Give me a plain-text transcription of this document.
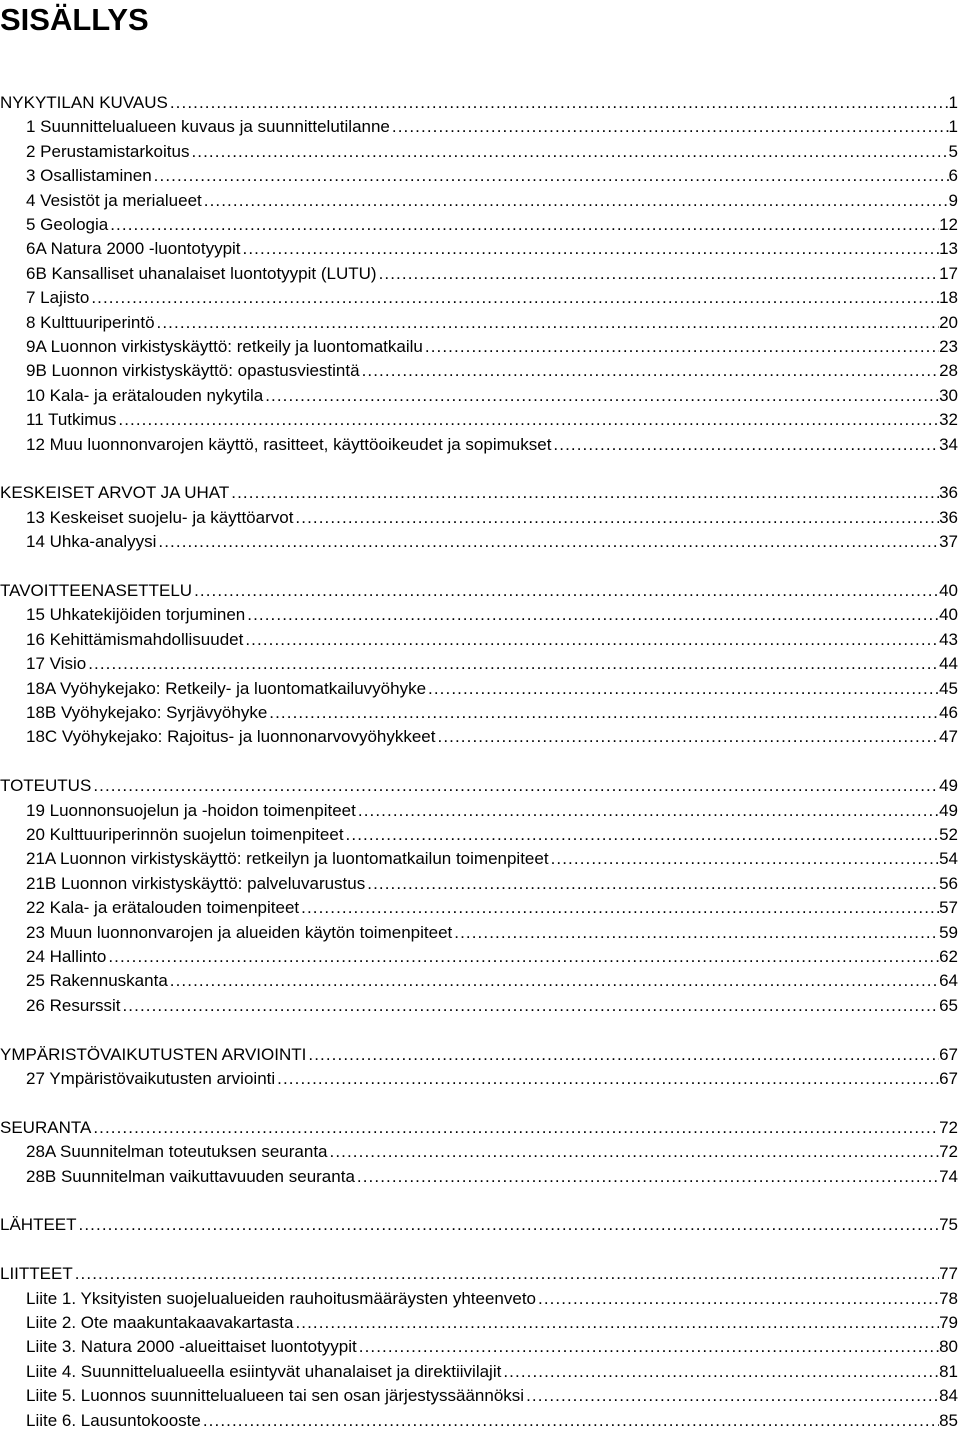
SISÄLLYS
NYKYTILAN KUVAUS .....	1
1 Suunnittelualueen kuvaus ja suunnittelutilanne .....	1
2 Perustamistarkoitus .....	5
3 Osallistaminen .....	6
4 Vesistöt ja merialueet .....	9
5 Geologia .....	12
6A Natura 2000 -luontotyypit .....	13
6B Kansalliset uhanalaiset luontotyypit (LUTU) .....	17
7 Lajisto .....	18
8 Kulttuuriperintö .....	20
9A Luonnon virkistyskäyttö: retkeily ja luontomatkailu .....	23
9B Luonnon virkistyskäyttö: opastusviestintä .....	28
10 Kala- ja erätalouden nykytila .....	30
11 Tutkimus .....	32
12 Muu luonnonvarojen käyttö, rasitteet, käyttöoikeudet ja sopimukset .....	34
KESKEISET ARVOT JA UHAT .....	36
13 Keskeiset suojelu- ja käyttöarvot .....	36
14 Uhka-analyysi .....	37
TAVOITTEENASETTELU .....	40
15 Uhkatekijöiden torjuminen .....	40
16 Kehittämismahdollisuudet .....	43
17 Visio .....	44
18A Vyöhykejako: Retkeily- ja luontomatkailuvyöhyke .....	45
18B Vyöhykejako: Syrjävyöhyke .....	46
18C Vyöhykejako: Rajoitus- ja luonnonarvovyöhykkeet .....	47
TOTEUTUS .....	49
19 Luonnonsuojelun ja -hoidon toimenpiteet .....	49
20 Kulttuuriperinnön suojelun toimenpiteet .....	52
21A Luonnon virkistyskäyttö: retkeilyn ja luontomatkailun toimenpiteet .....	54
21B Luonnon virkistyskäyttö: palveluvarustus .....	56
22 Kala- ja erätalouden toimenpiteet .....	57
23 Muun luonnonvarojen ja alueiden käytön toimenpiteet .....	59
24 Hallinto .....	62
25 Rakennuskanta .....	64
26 Resurssit .....	65
YMPÄRISTÖVAIKUTUSTEN ARVIOINTI .....	67
27 Ympäristövaikutusten arviointi .....	67
SEURANTA .....	72
28A Suunnitelman toteutuksen seuranta .....	72
28B Suunnitelman vaikuttavuuden seuranta .....	74
LÄHTEET .....	75
LIITTEET .....	77
Liite 1. Yksityisten suojelualueiden rauhoitusmääräysten yhteenveto .....	78
Liite 2. Ote maakuntakaavakartasta .....	79
Liite 3. Natura 2000 -alueittaiset luontotyypit .....	80
Liite 4. Suunnittelualueella esiintyvät uhanalaiset ja direktiivilajit .....	81
Liite 5. Luonnos suunnittelualueen tai sen osan järjestyssäännöksi .....	84
Liite 6. Lausuntokooste .....	85
